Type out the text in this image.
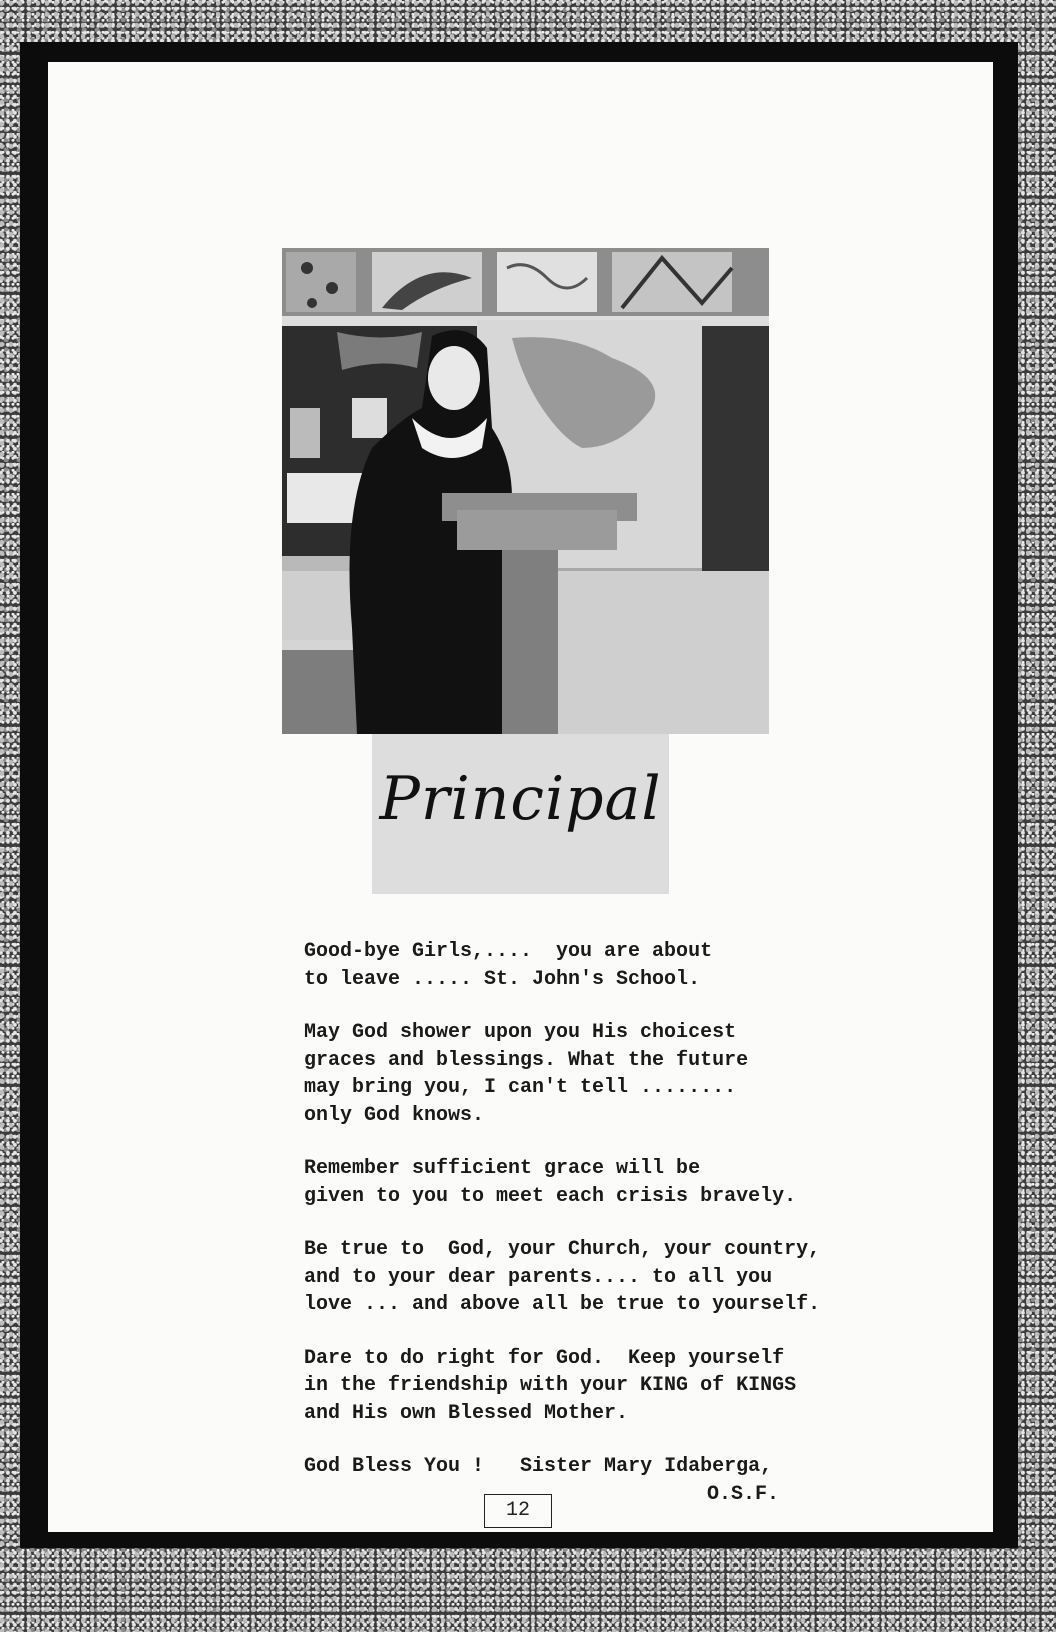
Principal

Good-bye Girls,....  you are about
to leave ..... St. John's School.

May God shower upon you His choicest
graces and blessings. What the future
may bring you, I can't tell ........
only God knows.

Remember sufficient grace will be
given to you to meet each crisis bravely.

Be true to  God, your Church, your country,
and to your dear parents.... to all you
love ... and above all be true to yourself.

Dare to do right for God.  Keep yourself
in the friendship with your KING of KINGS
and His own Blessed Mother.

God Bless You ! Sister Mary Idaberga,

O.S.F.

12
